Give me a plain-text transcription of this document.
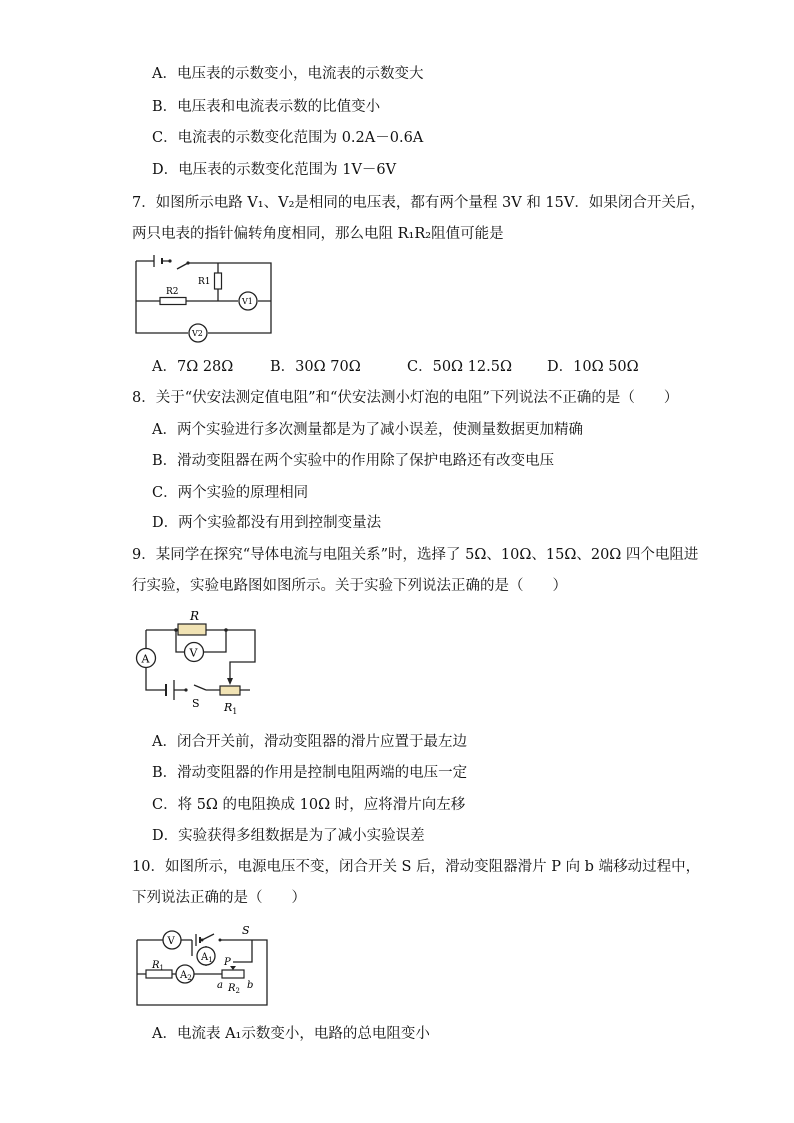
A．电压表的示数变小，电流表的示数变大
B．电压表和电流表示数的比值变小
C．电流表的示数变化范围为 0.2A－0.6A
D．电压表的示数变化范围为 1V－6V
7．如图所示电路 V₁、V₂是相同的电压表，都有两个量程 3V 和 15V．如果闭合开关后，
两只电表的指针偏转角度相同，那么电阻 R₁R₂阻值可能是
R1
R2
V1
V2
A．7Ω 28Ω	B．30Ω 70Ω	C．50Ω 12.5Ω D．10Ω 50Ω
8．关于“伏安法测定值电阻”和“伏安法测小灯泡的电阻”下列说法不正确的是（　　）
A．两个实验进行多次测量都是为了减小误差，使测量数据更加精确
B．滑动变阻器在两个实验中的作用除了保护电路还有改变电压
C．两个实验的原理相同
D．两个实验都没有用到控制变量法
9．某同学在探究“导体电流与电阻关系”时，选择了 5Ω、10Ω、15Ω、20Ω 四个电阻进
行实验，实验电路图如图所示。关于实验下列说法正确的是（　　）
R
A	V
S $R_1$
A．闭合开关前，滑动变阻器的滑片应置于最左边
B．滑动变阻器的作用是控制电阻两端的电压一定
C．将 5Ω 的电阻换成 10Ω 时，应将滑片向左移
D．实验获得多组数据是为了减小实验误差
10．如图所示，电源电压不变，闭合开关 S 后，滑动变阻器滑片 P 向 b 端移动过程中，
下列说法正确的是（　　）
V
S
$A_1$
$R_1$
$A_2$
P
a $R_2$ b
A．电流表 A₁示数变小，电路的总电阻变小
